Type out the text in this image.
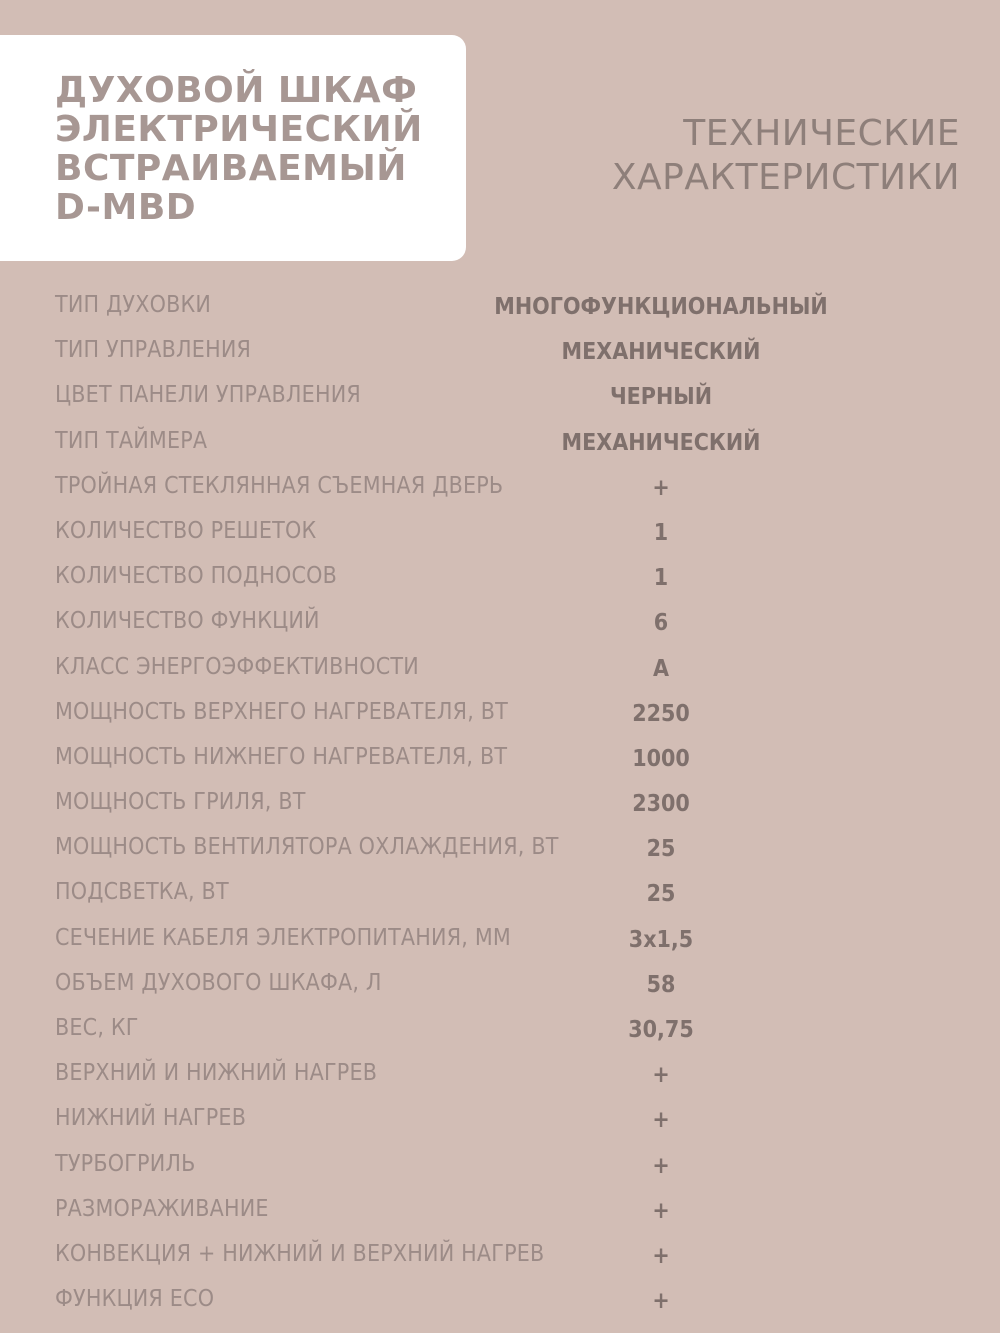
ДУХОВОЙ ШКАФ
ЭЛЕКТРИЧЕСКИЙ
ВСТРАИВАЕМЫЙ
D-MBD
ТЕХНИЧЕСКИЕ
ХАРАКТЕРИСТИКИ
ТИП ДУХОВКИ	МНОГОФУНКЦИОНАЛЬНЫЙ
ТИП УПРАВЛЕНИЯ	МЕХАНИЧЕСКИЙ
ЦВЕТ ПАНЕЛИ УПРАВЛЕНИЯ	ЧЕРНЫЙ
ТИП ТАЙМЕРА	МЕХАНИЧЕСКИЙ
ТРОЙНАЯ СТЕКЛЯННАЯ СЪЕМНАЯ ДВЕРЬ	+
КОЛИЧЕСТВО РЕШЕТОК	1
КОЛИЧЕСТВО ПОДНОСОВ	1
КОЛИЧЕСТВО ФУНКЦИЙ	6
КЛАСС ЭНЕРГОЭФФЕКТИВНОСТИ	А
МОЩНОСТЬ ВЕРХНЕГО НАГРЕВАТЕЛЯ, ВТ	2250
МОЩНОСТЬ НИЖНЕГО НАГРЕВАТЕЛЯ, ВТ	1000
МОЩНОСТЬ ГРИЛЯ, ВТ	2300
МОЩНОСТЬ ВЕНТИЛЯТОРА ОХЛАЖДЕНИЯ, ВТ	25
ПОДСВЕТКА, ВТ	25
СЕЧЕНИЕ КАБЕЛЯ ЭЛЕКТРОПИТАНИЯ, ММ	3х1,5
ОБЪЕМ ДУХОВОГО ШКАФА, Л	58
ВЕС, КГ	30,75
ВЕРХНИЙ И НИЖНИЙ НАГРЕВ	+
НИЖНИЙ НАГРЕВ	+
ТУРБОГРИЛЬ	+
РАЗМОРАЖИВАНИЕ	+
КОНВЕКЦИЯ + НИЖНИЙ И ВЕРХНИЙ НАГРЕВ	+
ФУНКЦИЯ ECO	+
